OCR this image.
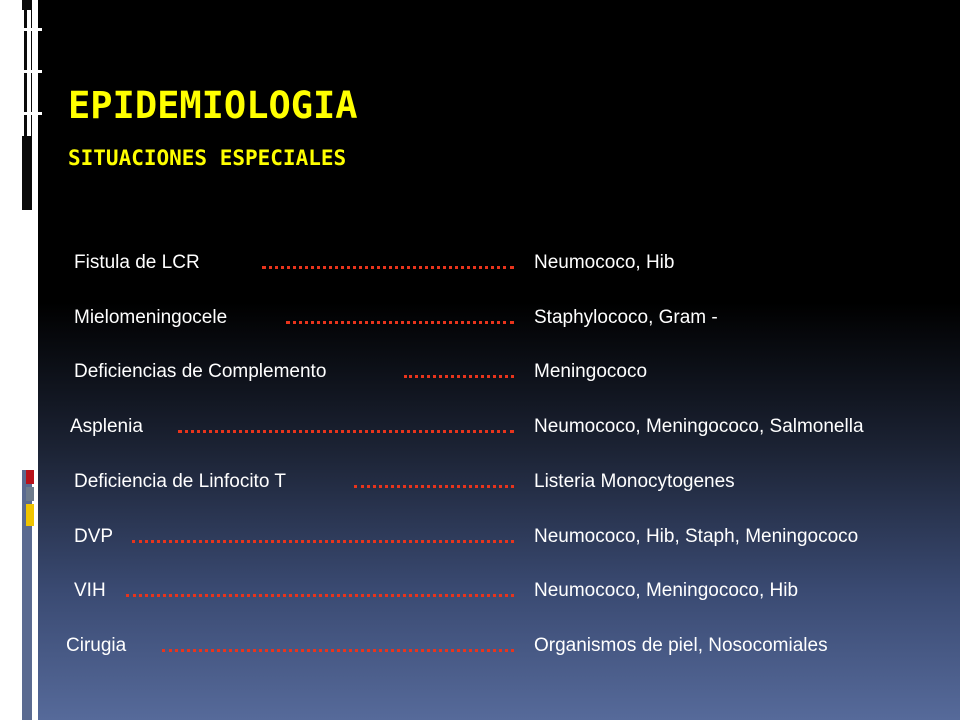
EPIDEMIOLOGIA
SITUACIONES ESPECIALES
Fistula de LCR	Neumococo, Hib
Mielomeningocele	Staphylococo, Gram -
Deficiencias de Complemento	Meningococo
Asplenia	Neumococo, Meningococo, Salmonella
Deficiencia de Linfocito T	Listeria Monocytogenes
DVP	Neumococo, Hib, Staph, Meningococo
VIH	Neumococo, Meningococo, Hib
Cirugia	Organismos de piel, Nosocomiales
